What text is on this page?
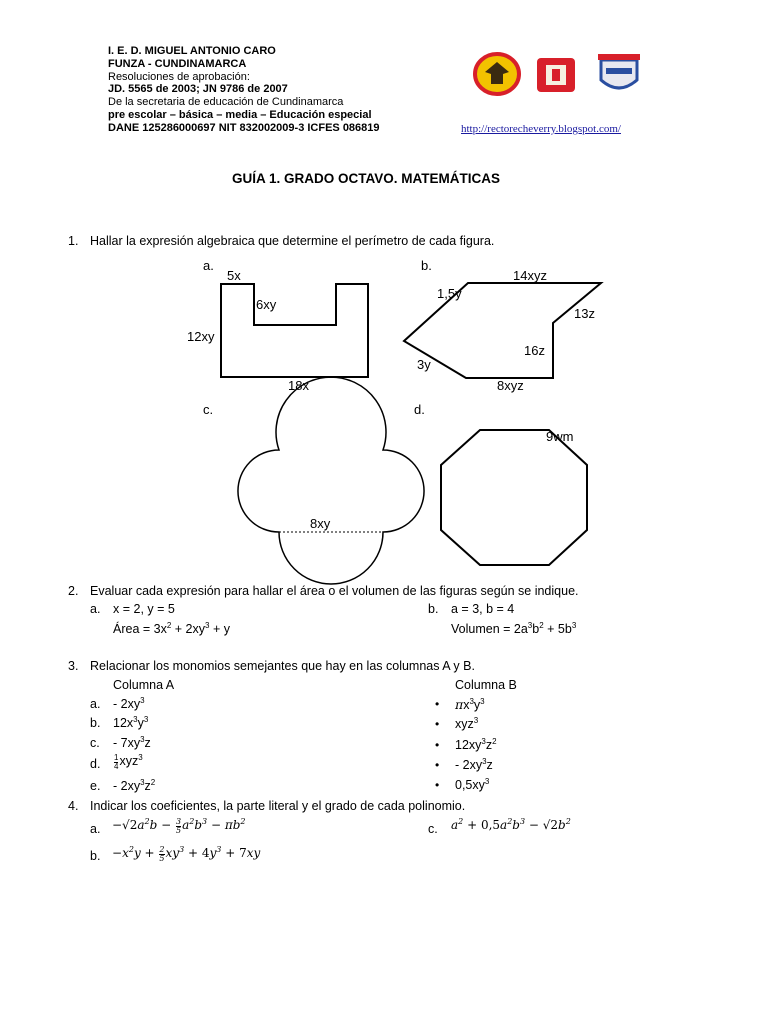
I. E. D. MIGUEL ANTONIO CARO
FUNZA - CUNDINAMARCA
Resoluciones de aprobación:
JD. 5565 de 2003; JN 9786 de 2007
De la secretaria de educación de Cundinamarca
pre escolar – básica – media – Educación especial
DANE 125286000697 NIT 832002009-3 ICFES 086819	http://rectorecheverry.blogspot.com/
GUÍA 1. GRADO OCTAVO. MATEMÁTICAS
1. Hallar la expresión algebraica que determine el perímetro de cada figura.
a.
5x
6xy
12xy
18x
b.
14xyz
1,5y
13z
16z
3y
8xyz
c.
8xy
d.
9wm
2. Evaluar cada expresión para hallar el área o el volumen de las figuras según se indique.
a. x = 2, y = 5
Área = $3x^2 + 2xy^3 + y$
b. a = 3, b = 4
Volumen = $2a^3b^2 + 5b^3$
3. Relacionar los monomios semejantes que hay en las columnas A y B.
Columna A	Columna B
a. - $2xy^3$
b. $12x^3y^3$
c. - $7xy^3z$
d. $\frac{1}{4} xyz^3$
e. - $2xy^3z^2$
• $\pi x^3y^3$
• xyz$^3$
• $12xy^3z^2$
• - $2xy^3z$
• $0,5xy^3$
4. Indicar los coeficientes, la parte literal y el grado de cada polinomio.
a. $-√2a^2b - \frac{3}{5} a^2b^3 - \pi b^2$
b. $-x^2y + \frac{2}{5} xy^3 + 4y^3 + 7xy$
c. $a^2 + 0,5a^2b^3 - √2b^2$
